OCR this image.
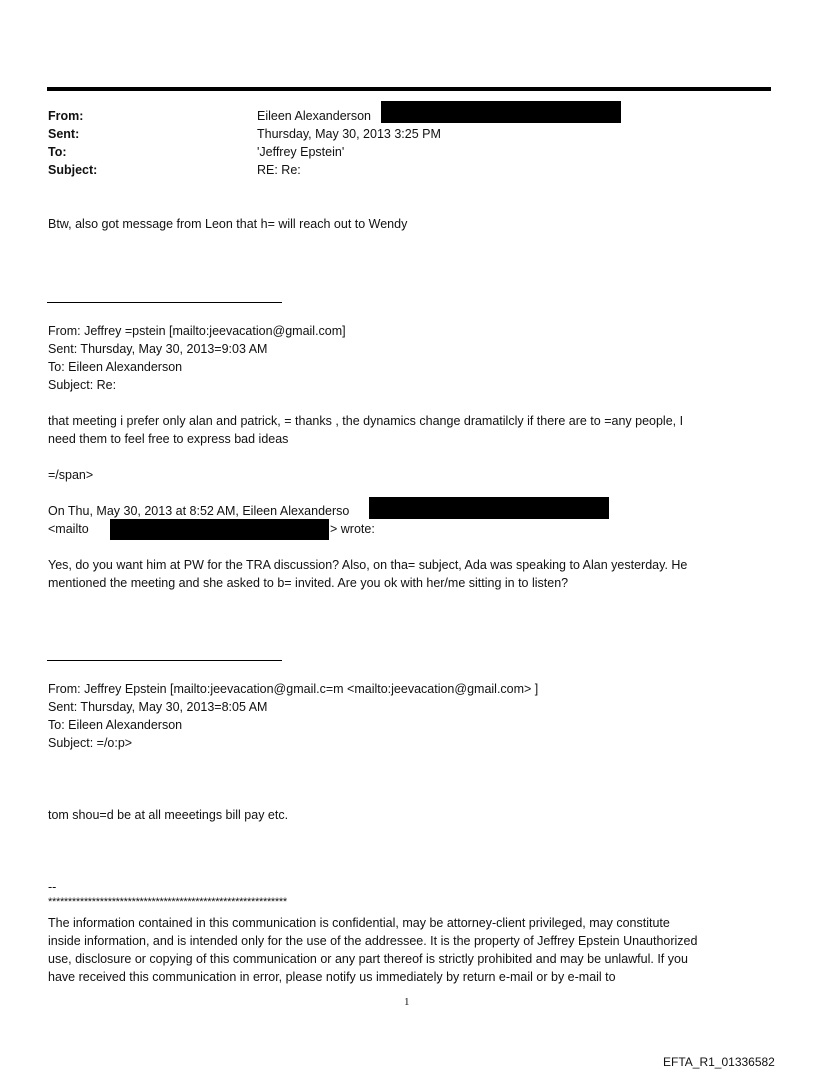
From:	Eileen Alexanderson
Sent:	Thursday, May 30, 2013 3:25 PM
To:	'Jeffrey Epstein'
Subject:	RE: Re:
Btw, also got message from Leon that h= will reach out to Wendy
From: Jeffrey =pstein [mailto:jeevacation@gmail.com]
Sent: Thursday, May 30, 2013=9:03 AM
To: Eileen Alexanderson
Subject: Re:
that meeting i prefer only alan and patrick, = thanks , the dynamics change dramatilcly if there are to =any people, I
need them to feel free to express bad ideas
=/span>
On Thu, May 30, 2013 at 8:52 AM, Eileen Alexanderso
<mailto	> wrote:
Yes, do you want him at PW for the TRA discussion? Also, on tha= subject, Ada was speaking to Alan yesterday. He
mentioned the meeting and she asked to b= invited. Are you ok with her/me sitting in to listen?
From: Jeffrey Epstein [mailto:jeevacation@gmail.c=m <mailto:jeevacation@gmail.com> ]
Sent: Thursday, May 30, 2013=8:05 AM
To: Eileen Alexanderson
Subject: =/o:p>
tom shou=d be at all meeetings bill pay etc.
--
************************************************************
The information contained in this communication is confidential, may be attorney-client privileged, may constitute
inside information, and is intended only for the use of the addressee. It is the property of Jeffrey Epstein Unauthorized
use, disclosure or copying of this communication or any part thereof is strictly prohibited and may be unlawful. If you
have received this communication in error, please notify us immediately by return e-mail or by e-mail to
1
EFTA_R1_01336582
